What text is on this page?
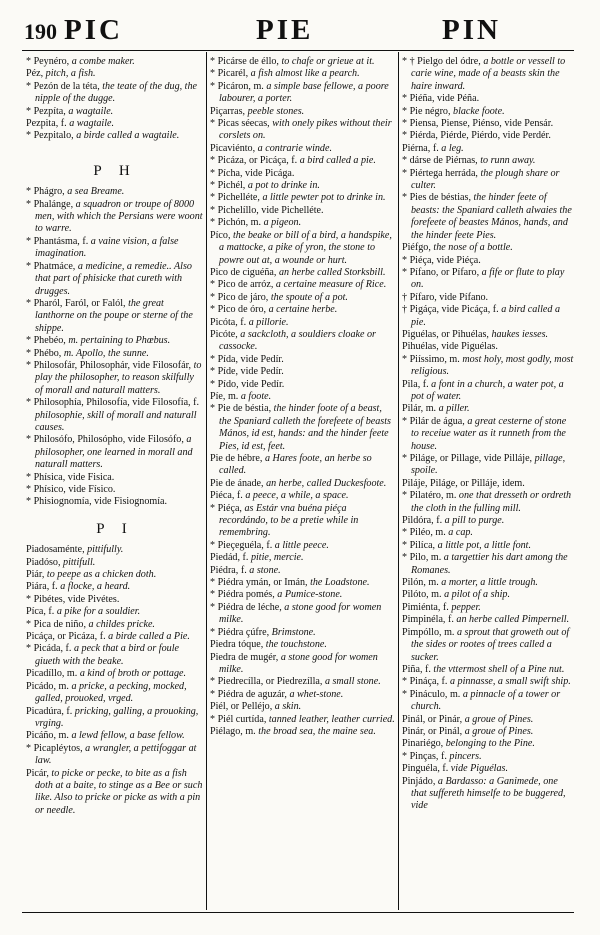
190 PIC	PIE	PIN
* Peynéro, a combe maker.
Péz, pitch, a fish.
* Pezón de la téta, the teate of the dug, the nipple of the dugge.
* Pezpíta, a wagtaile.
Pezpita, f. a wagtaile.
* Pezpitalo, a birde called a wagtaile.
P H
* Phágro, a sea Breame.
* Phalánge, a squadron or troupe of 8000 men, with which the Persians were woont to warre.
* Phantásma, f. a vaine vision, a false imagination.
* Phatmáce, a medicine, a remedie.. Also that part of phisicke that cureth with drugges.
* Pharól, Faról, or Falól, the great lanthorne on the poupe or sterne of the shippe.
* Phebéo, m. pertaining to Phœbus.
* Phébo, m. Apollo, the sunne.
* Philosofár, Philosophár, vide Filosofár, to play the philosopher, to reason skilfully of morall and naturall matters.
* Philosophía, Philosofía, vide Filosofía, f. philosophie, skill of morall and naturall causes.
* Philosófo, Philosópho, vide Filosófo, a philosopher, one learned in morall and naturall matters.
* Phísica, vide Fisica.
* Phísico, vide Físico.
* Phisiognomía, vide Fisiognomía.
P I
Piadosaménte, pittifully.
Piadóso, pittifull.
Piár, to peepe as a chicken doth.
Piára, f. a flocke, a heard.
* Pibétes, vide Pivétes.
Píca, f. a pike for a souldier.
* Pica de niño, a childes pricke.
Picáça, or Picáza, f. a birde called a Pie.
* Picáda, f. a peck that a bird or foule giueth with the beake.
Picadíllo, m. a kind of broth or pottage.
Picádo, m. a pricke, a pecking, mocked, galled, prouoked, vrged.
Picadúra, f. pricking, galling, a prouoking, vrging.
Picáño, m. a lewd fellow, a base fellow.
* Picapléytos, a wrangler, a pettifoggar at law.
Picár, to picke or pecke, to bite as a fish doth at a baite, to stinge as a Bee or such like. Also to pricke or picke as with a pin or needle.
* Picárse de éllo, to chafe or grieue at it.
* Picarél, a fish almost like a pearch.
* Picáron, m. a simple base fellowe, a poore labourer, a porter.
Piçarras, peeble stones.
* Picas séecas, with onely pikes without their corslets on.
Picaviénto, a contrarie winde.
* Picáza, or Picáça, f. a bird called a pie.
* Pícha, vide Picága.
* Pichél, a pot to drinke in.
* Pichelléte, a little pewter pot to drinke in.
* Pichelíllo, vide Pichelléte.
* Pichón, m. a pigeon.
Píco, the beake or bill of a bird, a handspike, a mattocke, a pike of yron, the stone to powre out at, a wounde or hurt.
Pico de ciguéña, an herbe called Storksbill.
* Pico de arróz, a certaine measure of Rice.
* Pico de járo, the spoute of a pot.
* Pico de óro, a certaine herbe.
Picóta, f. a pillorie.
Picóte, a sackcloth, a souldiers cloake or cassocke.
* Pída, vide Pedír.
* Píde, vide Pedír.
* Pído, vide Pedír.
Píe, m. a foote.
* Pie de béstia, the hinder foote of a beast, the Spaniard calleth the forefeete of beasts Mános, id est, hands: and the hinder feete Pies, id est, feet.
Pie de hébre, a Hares foote, an herbe so called.
Pie de ánade, an herbe, called Duckesfoote.
Piéca, f. a peece, a while, a space.
* Piéça, as Estár vna buéna piéça recordándo, to be a pretie while in remembring.
* Pieçeguéla, f. a little peece.
Piedád, f. pitie, mercie.
Piédra, f. a stone.
* Piédra ymán, or Imán, the Loadstone.
* Piédra pomés, a Pumice-stone.
* Piédra de léche, a stone good for women milke.
* Piédra çúfre, Brimstone.
Piedra tóque, the touchstone.
Piedra de mugér, a stone good for women milke.
* Piedrecílla, or Piedrezílla, a small stone.
* Piédra de aguzár, a whet-stone.
Piél, or Pelléjo, a skin.
* Piél curtída, tanned leather, leather curried.
Piélago, m. the broad sea, the maine sea.
* † Pielgo del ódre, a bottle or vessell to carie wine, made of a beasts skin the haire inward.
* Piéña, vide Péña.
* Pie négro, blacke foote.
* Piensa, Piense, Piénso, vide Pensár.
* Piérda, Piérde, Piérdo, vide Perdér.
Piérna, f. a leg.
* dárse de Piérnas, to runn away.
* Piértega herráda, the plough share or culter.
* Pies de béstias, the hinder feete of beasts: the Spaniard calleth alwaies the forefeete of beastes Mános, hands, and the hinder feete Pies.
Piéfgo, the nose of a bottle.
* Piéça, vide Piéça.
* Pífano, or Pífaro, a fife or flute to play on.
† Pífaro, vide Pífano.
† Pigáça, vide Picáça, f. a bird called a pie.
Piguélas, or Pihuélas, haukes iesses.
Pihuélas, vide Piguélas.
* Piíssimo, m. most holy, most godly, most religious.
Pila, f. a font in a church, a water pot, a pot of water.
Pilár, m. a piller.
* Pilár de água, a great cesterne of stone to receiue water as it runneth from the house.
* Piláge, or Pillage, vide Pilláje, pillage, spoile.
Piláje, Piláge, or Pilláje, idem.
* Pilatéro, m. one that dresseth or ordreth the cloth in the fulling mill.
Pildóra, f. a pill to purge.
* Piléo, m. a cap.
* Pilíca, a little pot, a little font.
* Pilo, m. a targettier his dart among the Romanes.
Pilón, m. a morter, a little trough.
Pilóto, m. a pilot of a ship.
Pimiénta, f. pepper.
Pimpinéla, f. an herbe called Pimpernell.
Pimpóllo, m. a sprout that groweth out of the sides or rootes of trees called a sucker.
Piña, f. the vttermost shell of a Pine nut.
* Pináça, f. a pinnasse, a small swift ship.
* Pináculo, m. a pinnacle of a tower or church.
Pinál, or Pinár, a groue of Pines.
Pinár, or Pinál, a groue of Pines.
Pinariégo, belonging to the Pine.
* Pinças, f. pincers.
Pinguéla, f. vide Piguélas.
Pinjádo, a Bardasso: a Ganimede, one that suffereth himselfe to be buggered, vide
